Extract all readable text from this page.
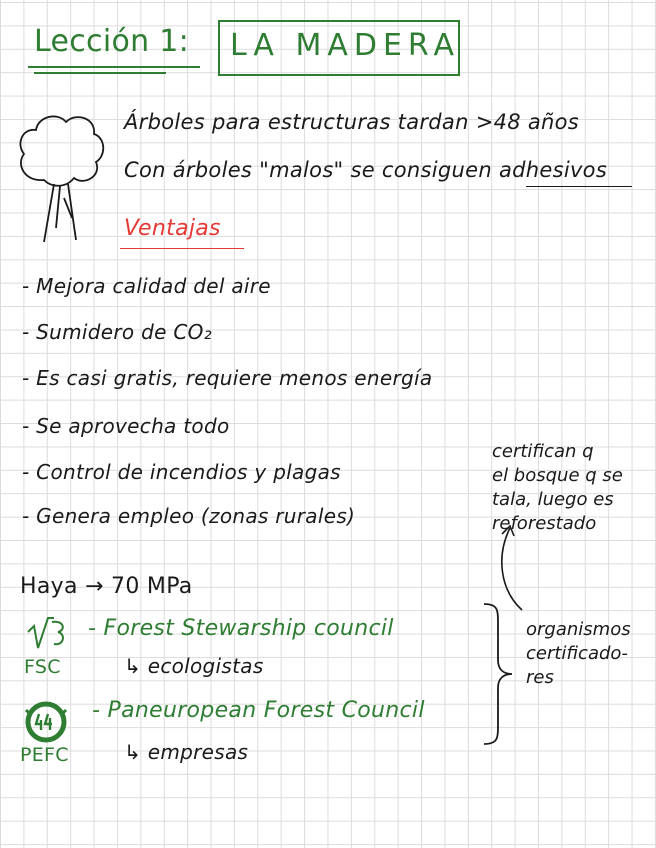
Lección 1: LA MADERA
Árboles para estructuras tardan >48 años
Con árboles "malos" se consiguen adhesivos
Ventajas
- Mejora calidad del aire
- Sumidero de CO₂
- Es casi gratis, requiere menos energía
- Se aprovecha todo
- Control de incendios y plagas
- Genera empleo (zonas rurales)
certifican q
el bosque q se
tala, luego es
reforestado
Haya → 70 MPa
FSC
- Forest Stewarship council
↳ ecologistas
PEFC
- Paneuropean Forest Council
↳ empresas
organismos
certificado-
res
